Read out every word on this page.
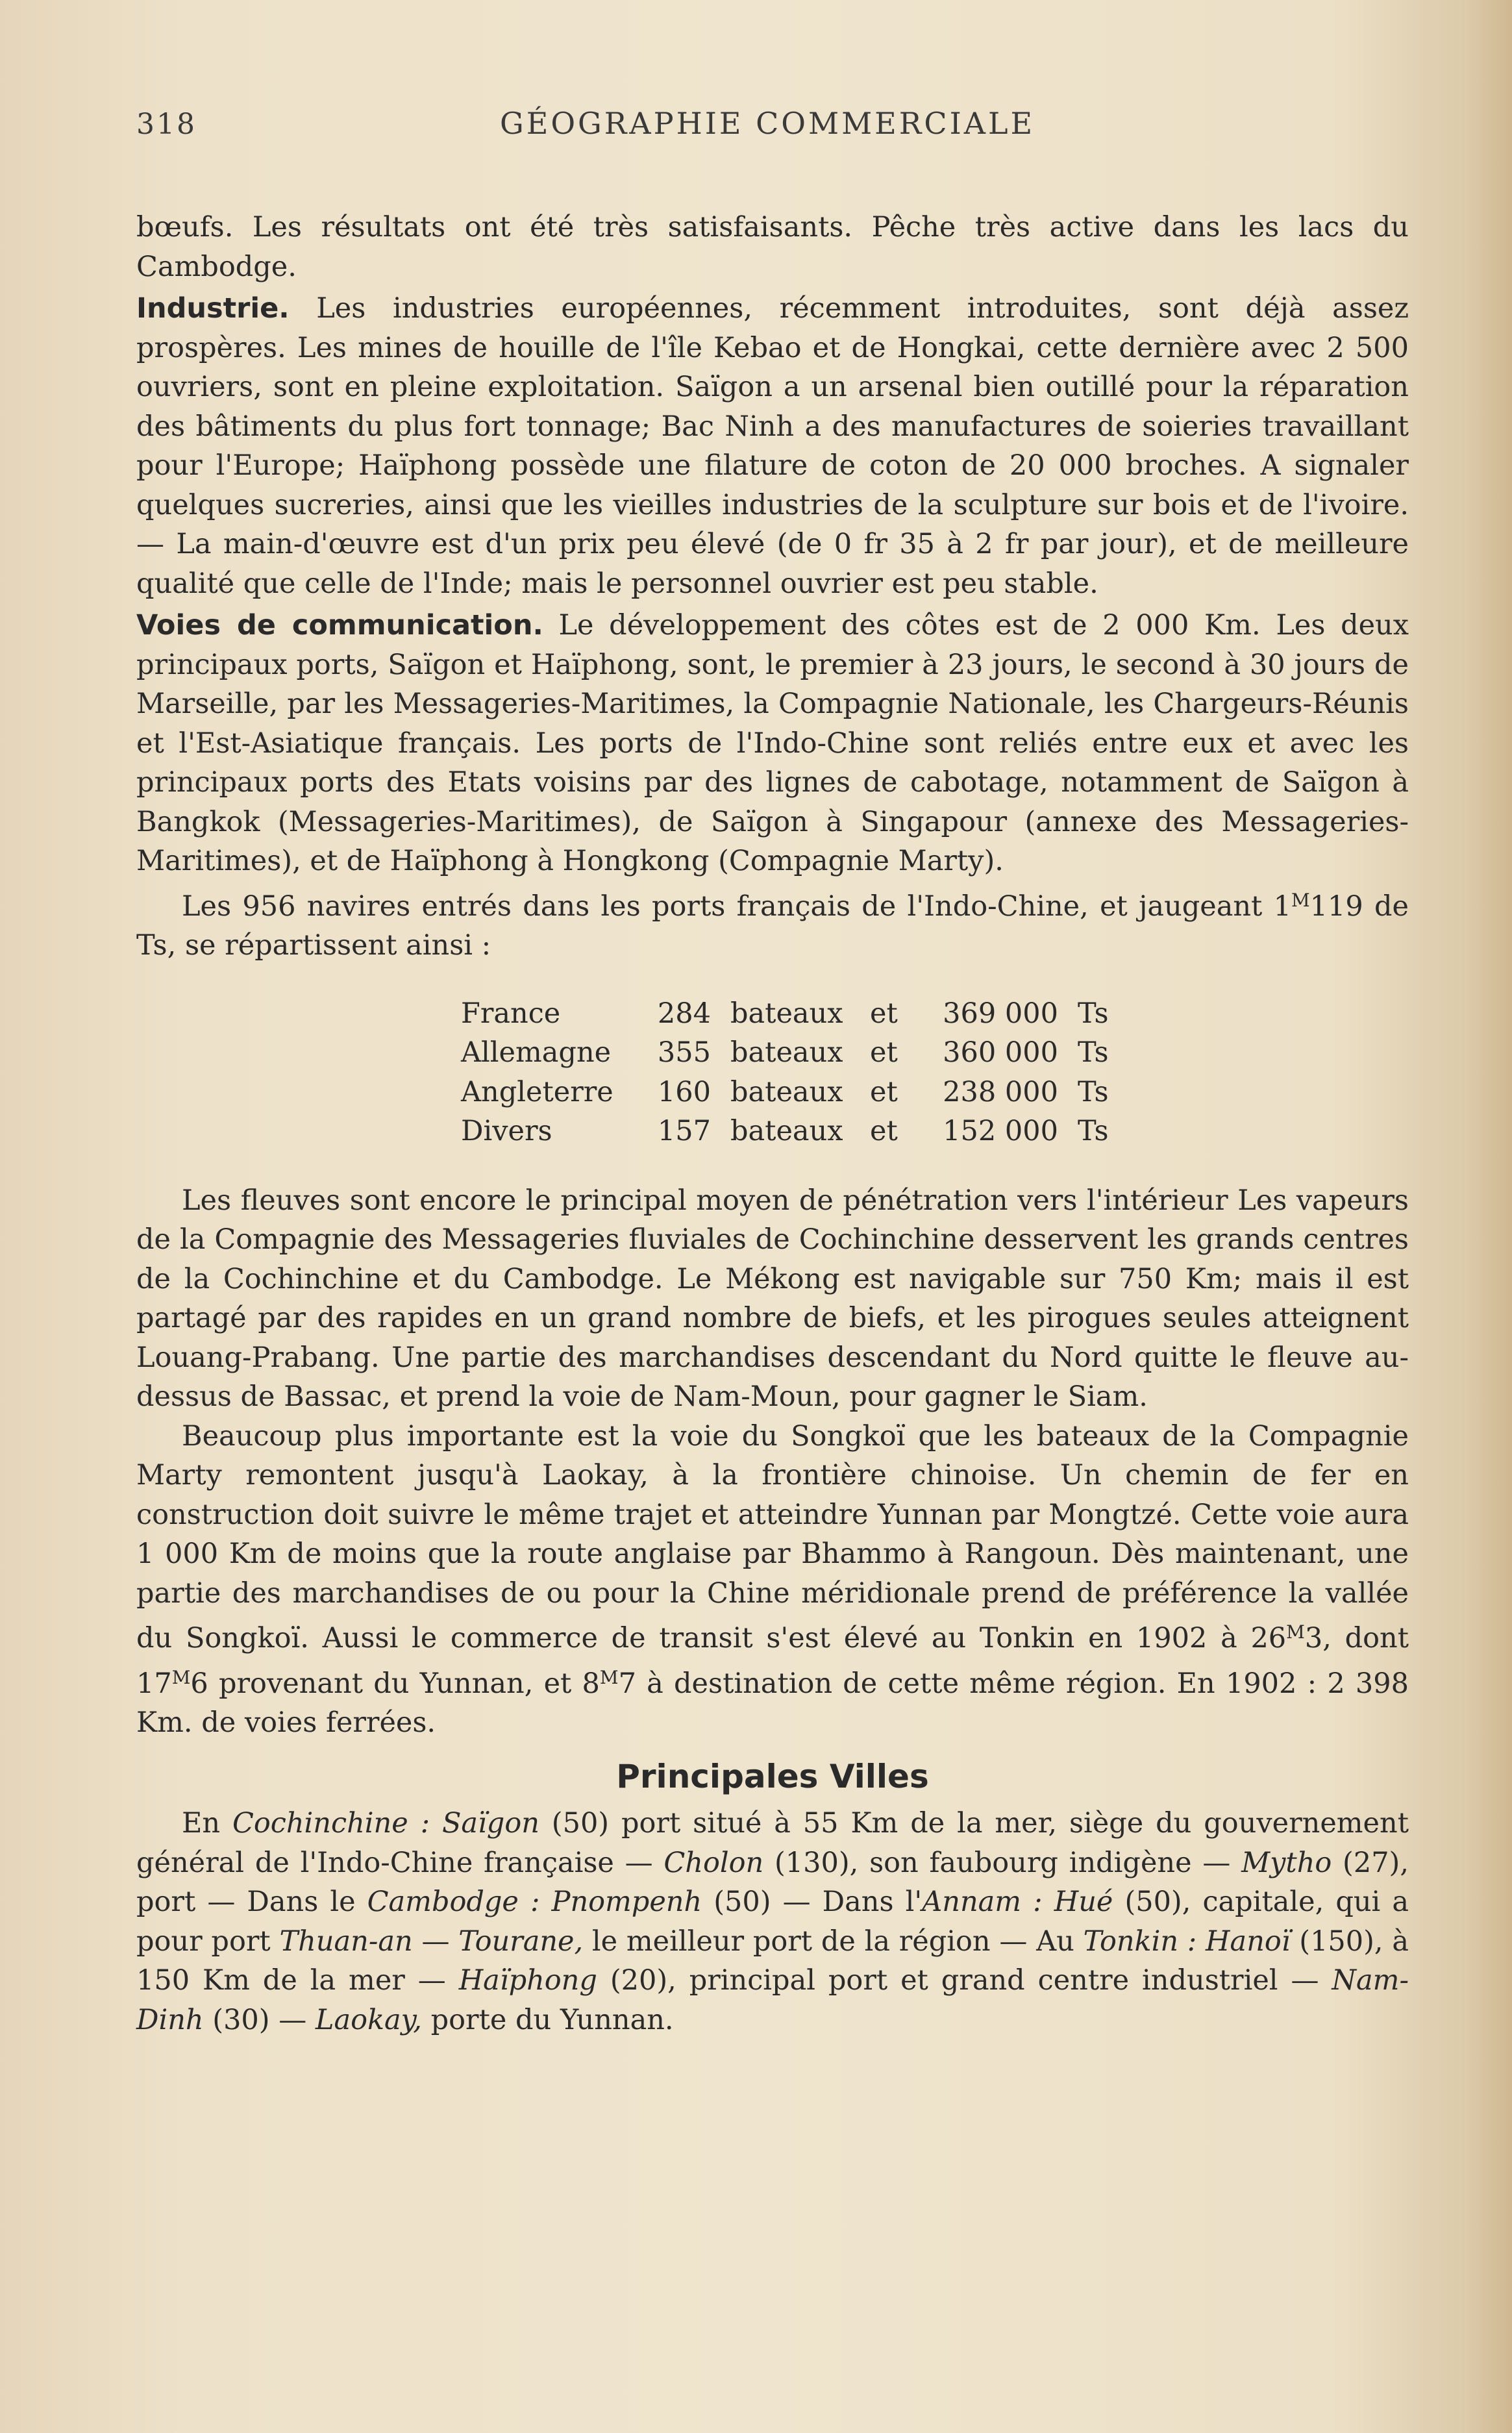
318	GÉOGRAPHIE COMMERCIALE

bœufs. Les résultats ont été très satisfaisants. Pêche très active dans les lacs du Cambodge.

Industrie. Les industries européennes, récemment introduites, sont déjà assez prospères. Les mines de houille de l'île Kebao et de Hongkai, cette dernière avec 2 500 ouvriers, sont en pleine exploitation. Saïgon a un arsenal bien outillé pour la réparation des bâtiments du plus fort tonnage; Bac Ninh a des manufactures de soieries travaillant pour l'Europe; Haïphong possède une filature de coton de 20 000 broches. A signaler quelques sucreries, ainsi que les vieilles industries de la sculpture sur bois et de l'ivoire. — La main-d'œuvre est d'un prix peu élevé (de 0 fr 35 à 2 fr par jour), et de meilleure qualité que celle de l'Inde; mais le personnel ouvrier est peu stable.

Voies de communication. Le développement des côtes est de 2 000 Km. Les deux principaux ports, Saïgon et Haïphong, sont, le premier à 23 jours, le second à 30 jours de Marseille, par les Messageries-Maritimes, la Compagnie Nationale, les Chargeurs-Réunis et l'Est-Asiatique français. Les ports de l'Indo-Chine sont reliés entre eux et avec les principaux ports des Etats voisins par des lignes de cabotage, notamment de Saïgon à Bangkok (Messageries-Maritimes), de Saïgon à Singapour (annexe des Messageries-Maritimes), et de Haïphong à Hongkong (Compagnie Marty).

Les 956 navires entrés dans les ports français de l'Indo-Chine, et jaugeant $1^M119$ de Ts, se répartissent ainsi :

France	284	bateaux	et	369 000	Ts
Allemagne	355	bateaux	et	360 000	Ts
Angleterre	160	bateaux	et	238 000	Ts
Divers	157	bateaux	et	152 000	Ts

Les fleuves sont encore le principal moyen de pénétration vers l'intérieur Les vapeurs de la Compagnie des Messageries fluviales de Cochinchine desservent les grands centres de la Cochinchine et du Cambodge. Le Mékong est navigable sur 750 Km; mais il est partagé par des rapides en un grand nombre de biefs, et les pirogues seules atteignent Louang-Prabang. Une partie des marchandises descendant du Nord quitte le fleuve au-dessus de Bassac, et prend la voie de Nam-Moun, pour gagner le Siam.

Beaucoup plus importante est la voie du Songkoï que les bateaux de la Compagnie Marty remontent jusqu'à Laokay, à la frontière chinoise. Un chemin de fer en construction doit suivre le même trajet et atteindre Yunnan par Mongtzé. Cette voie aura 1 000 Km de moins que la route anglaise par Bhammo à Rangoun. Dès maintenant, une partie des marchandises de ou pour la Chine méridionale prend de préférence la vallée du Songkoï. Aussi le commerce de transit s'est élevé au Tonkin en 1902 à $26^M3$, dont $17^M6$ provenant du Yunnan, et $8^M7$ à destination de cette même région. En 1902 : 2 398 Km. de voies ferrées.

Principales Villes

En Cochinchine : Saïgon (50) port situé à 55 Km de la mer, siège du gouvernement général de l'Indo-Chine française — Cholon (130), son faubourg indigène — Mytho (27), port — Dans le Cambodge : Pnompenh (50) — Dans l'Annam : Hué (50), capitale, qui a pour port Thuan-an — Tourane, le meilleur port de la région — Au Tonkin : Hanoï (150), à 150 Km de la mer — Haïphong (20), principal port et grand centre industriel — Nam-Dinh (30) — Laokay, porte du Yunnan.
